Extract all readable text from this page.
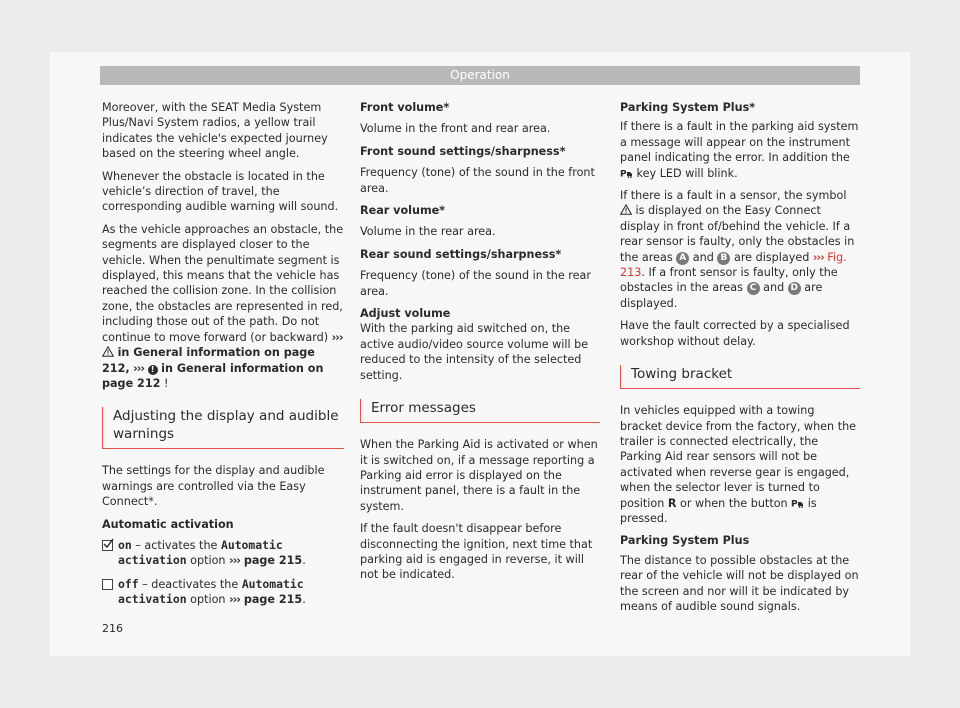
Operation

Moreover, with the SEAT Media System Plus/Navi System radios, a yellow trail indicates the vehicle's expected journey based on the steering wheel angle.

Whenever the obstacle is located in the vehicle’s direction of travel, the corresponding audible warning will sound.

As the vehicle approaches an obstacle, the segments are displayed closer to the vehicle. When the penultimate segment is displayed, this means that the vehicle has reached the collision zone. In the collision zone, the obstacles are represented in red, including those out of the path. Do not continue to move forward (or backward) ›››  in General information on page 212, ››› ! in General information on page 212 !

Adjusting the display and audible warnings

The settings for the display and audible warnings are controlled via the Easy Connect*.

Automatic activation

on – activates the Automatic activation option ››› page 215.
off – deactivates the Automatic activation option ››› page 215.

Front volume*

Volume in the front and rear area.

Front sound settings/sharpness*

Frequency (tone) of the sound in the front area.

Rear volume*

Volume in the rear area.

Rear sound settings/sharpness*

Frequency (tone) of the sound in the rear area.

Adjust volume

With the parking aid switched on, the active audio/video source volume will be reduced to the intensity of the selected setting.

Error messages

When the Parking Aid is activated or when it is switched on, if a message reporting a Parking aid error is displayed on the instrument panel, there is a fault in the system.

If the fault doesn't disappear before disconnecting the ignition, next time that parking aid is engaged in reverse, it will not be indicated.

Parking System Plus*

If there is a fault in the parking aid system a message will appear on the instrument panel indicating the error. In addition the
P key LED will blink.

If there is a fault in a sensor, the symbol  is displayed on the Easy Connect display in front of/behind the vehicle. If a rear sensor is faulty, only the obstacles in the areas A and B are displayed ››› Fig. 213. If a front sensor is faulty, only the obstacles in the areas C and D are displayed.

Have the fault corrected by a specialised workshop without delay.

Towing bracket

In vehicles equipped with a towing bracket device from the factory, when the trailer is connected electrically, the Parking Aid rear sensors will not be activated when reverse gear is engaged, when the selector lever is turned to position R or when the button P is pressed.

Parking System Plus

The distance to possible obstacles at the rear of the vehicle will not be displayed on the screen and nor will it be indicated by means of audible sound signals.

216
